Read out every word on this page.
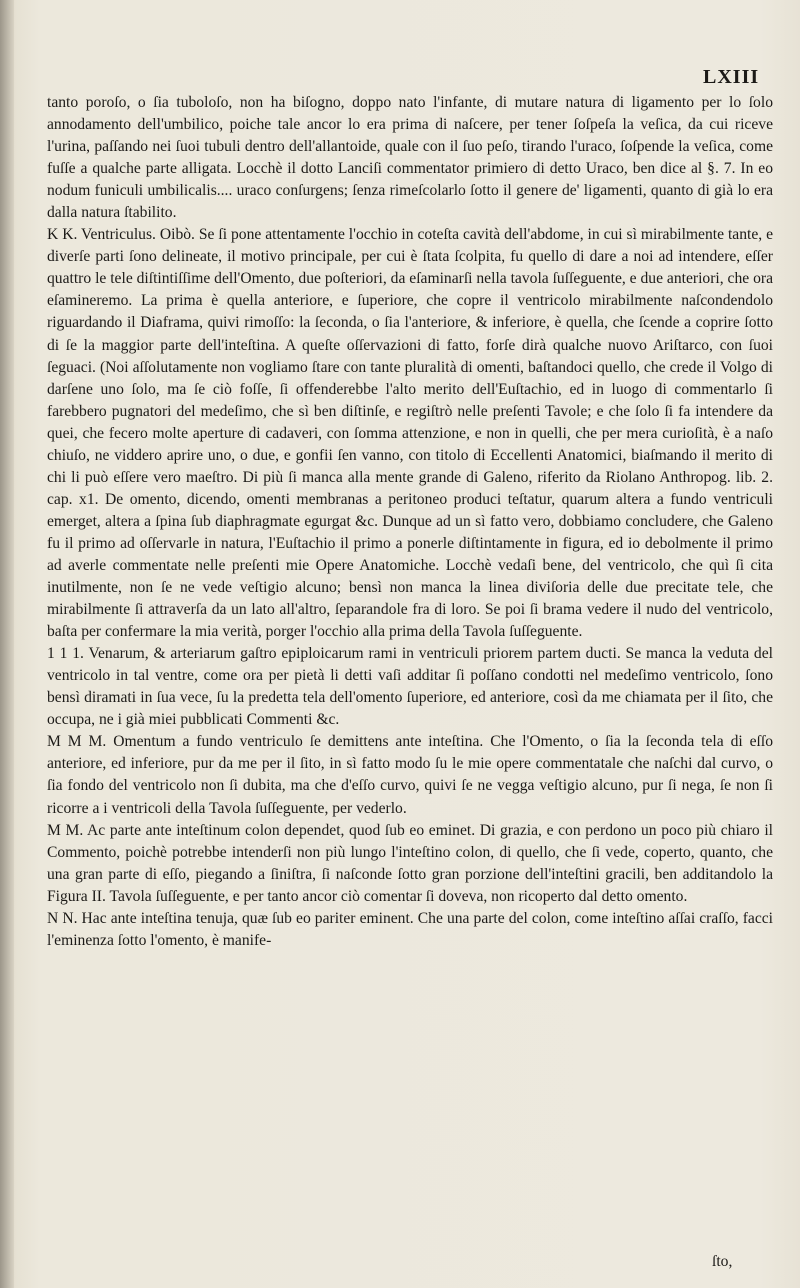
LXIII

tanto poroſo, o ſia tuboloſo, non ha biſogno, doppo nato l'infante, di mutare natura di ligamento per lo ſolo annodamento dell'umbilico, poiche tale ancor lo era prima di naſcere, per tener ſoſpeſa la veſica, da cui riceve l'urina, paſſando nei ſuoi tubuli dentro dell'allantoide, quale con il ſuo peſo, tirando l'uraco, ſoſpende la veſica, come fuſſe a qualche parte alligata. Locchè il dotto Lanciſi commentator primiero di detto Uraco, ben dice al §. 7. In eo nodum funiculi umbilicalis.... uraco conſurgens; ſenza rimeſcolarlo ſotto il genere de' ligamenti, quanto di già lo era dalla natura ſtabilito.

K K. Ventriculus. Oibò. Se ſi pone attentamente l'occhio in coteſta cavità dell'abdome, in cui sì mirabilmente tante, e diverſe parti ſono delineate, il motivo principale, per cui è ſtata ſcolpita, fu quello di dare a noi ad intendere, eſſer quattro le tele diſtintiſſime dell'Omento, due poſteriori, da eſaminarſi nella tavola ſuſſeguente, e due anteriori, che ora eſamineremo. La prima è quella anteriore, e ſuperiore, che copre il ventricolo mirabilmente naſcondendolo riguardando il Diaframa, quivi rimoſſo: la ſeconda, o ſia l'anteriore, & inferiore, è quella, che ſcende a coprire ſotto di ſe la maggior parte dell'inteſtina. A queſte oſſervazioni di fatto, forſe dirà qualche nuovo Ariſtarco, con ſuoi ſeguaci. (Noi aſſolutamente non vogliamo ſtare con tante pluralità di omenti, baſtandoci quello, che crede il Volgo di darſene uno ſolo, ma ſe ciò foſſe, ſi offenderebbe l'alto merito dell'Euſtachio, ed in luogo di commentarlo ſi farebbero pugnatori del medeſimo, che sì ben diſtinſe, e regiſtrò nelle preſenti Tavole; e che ſolo ſi fa intendere da quei, che fecero molte aperture di cadaveri, con ſomma attenzione, e non in quelli, che per mera curioſità, è a naſo chiuſo, ne viddero aprire uno, o due, e gonfii ſen vanno, con titolo di Eccellenti Anatomici, biaſmando il merito di chi li può eſſere vero maeſtro. Di più ſi manca alla mente grande di Galeno, riferito da Riolano Anthropog. lib. 2. cap. x1. De omento, dicendo, omenti membranas a peritoneo produci teſtatur, quarum altera a fundo ventriculi emerget, altera a ſpina ſub diaphragmate egurgat &c. Dunque ad un sì fatto vero, dobbiamo concludere, che Galeno fu il primo ad oſſervarle in natura, l'Euſtachio il primo a ponerle diſtintamente in figura, ed io debolmente il primo ad averle commentate nelle preſenti mie Opere Anatomiche. Locchè vedaſi bene, del ventricolo, che quì ſi cita inutilmente, non ſe ne vede veſtigio alcuno; bensì non manca la linea diviſoria delle due precitate tele, che mirabilmente ſi attraverſa da un lato all'altro, ſeparandole fra di loro. Se poi ſi brama vedere il nudo del ventricolo, baſta per confermare la mia verità, porger l'occhio alla prima della Tavola ſuſſeguente.

1 1 1. Venarum, & arteriarum gaſtro epiploicarum rami in ventriculi priorem partem ducti. Se manca la veduta del ventricolo in tal ventre, come ora per pietà li detti vaſi additar ſi poſſano condotti nel medeſimo ventricolo, ſono bensì diramati in ſua vece, ſu la predetta tela dell'omento ſuperiore, ed anteriore, così da me chiamata per il ſito, che occupa, ne i già miei pubblicati Commenti &c.

M M M. Omentum a fundo ventriculo ſe demittens ante inteſtina. Che l'Omento, o ſia la ſeconda tela di eſſo anteriore, ed inferiore, pur da me per il ſito, in sì fatto modo ſu le mie opere commentatale che naſchi dal curvo, o ſia fondo del ventricolo non ſi dubita, ma che d'eſſo curvo, quivi ſe ne vegga veſtigio alcuno, pur ſi nega, ſe non ſi ricorre a i ventricoli della Tavola ſuſſeguente, per vederlo.

M M. Ac parte ante inteſtinum colon dependet, quod ſub eo eminet. Di grazia, e con perdono un poco più chiaro il Commento, poichè potrebbe intenderſi non più lungo l'inteſtino colon, di quello, che ſi vede, coperto, quanto, che una gran parte di eſſo, piegando a ſiniſtra, ſi naſconde ſotto gran porzione dell'inteſtini gracili, ben additandolo la Figura II. Tavola ſuſſeguente, e per tanto ancor ciò comentar ſi doveva, non ricoperto dal detto omento.

N N. Hac ante inteſtina tenuja, quæ ſub eo pariter eminent. Che una parte del colon, come inteſtino aſſai craſſo, facci l'eminenza ſotto l'omento, è manife-

ſto,
